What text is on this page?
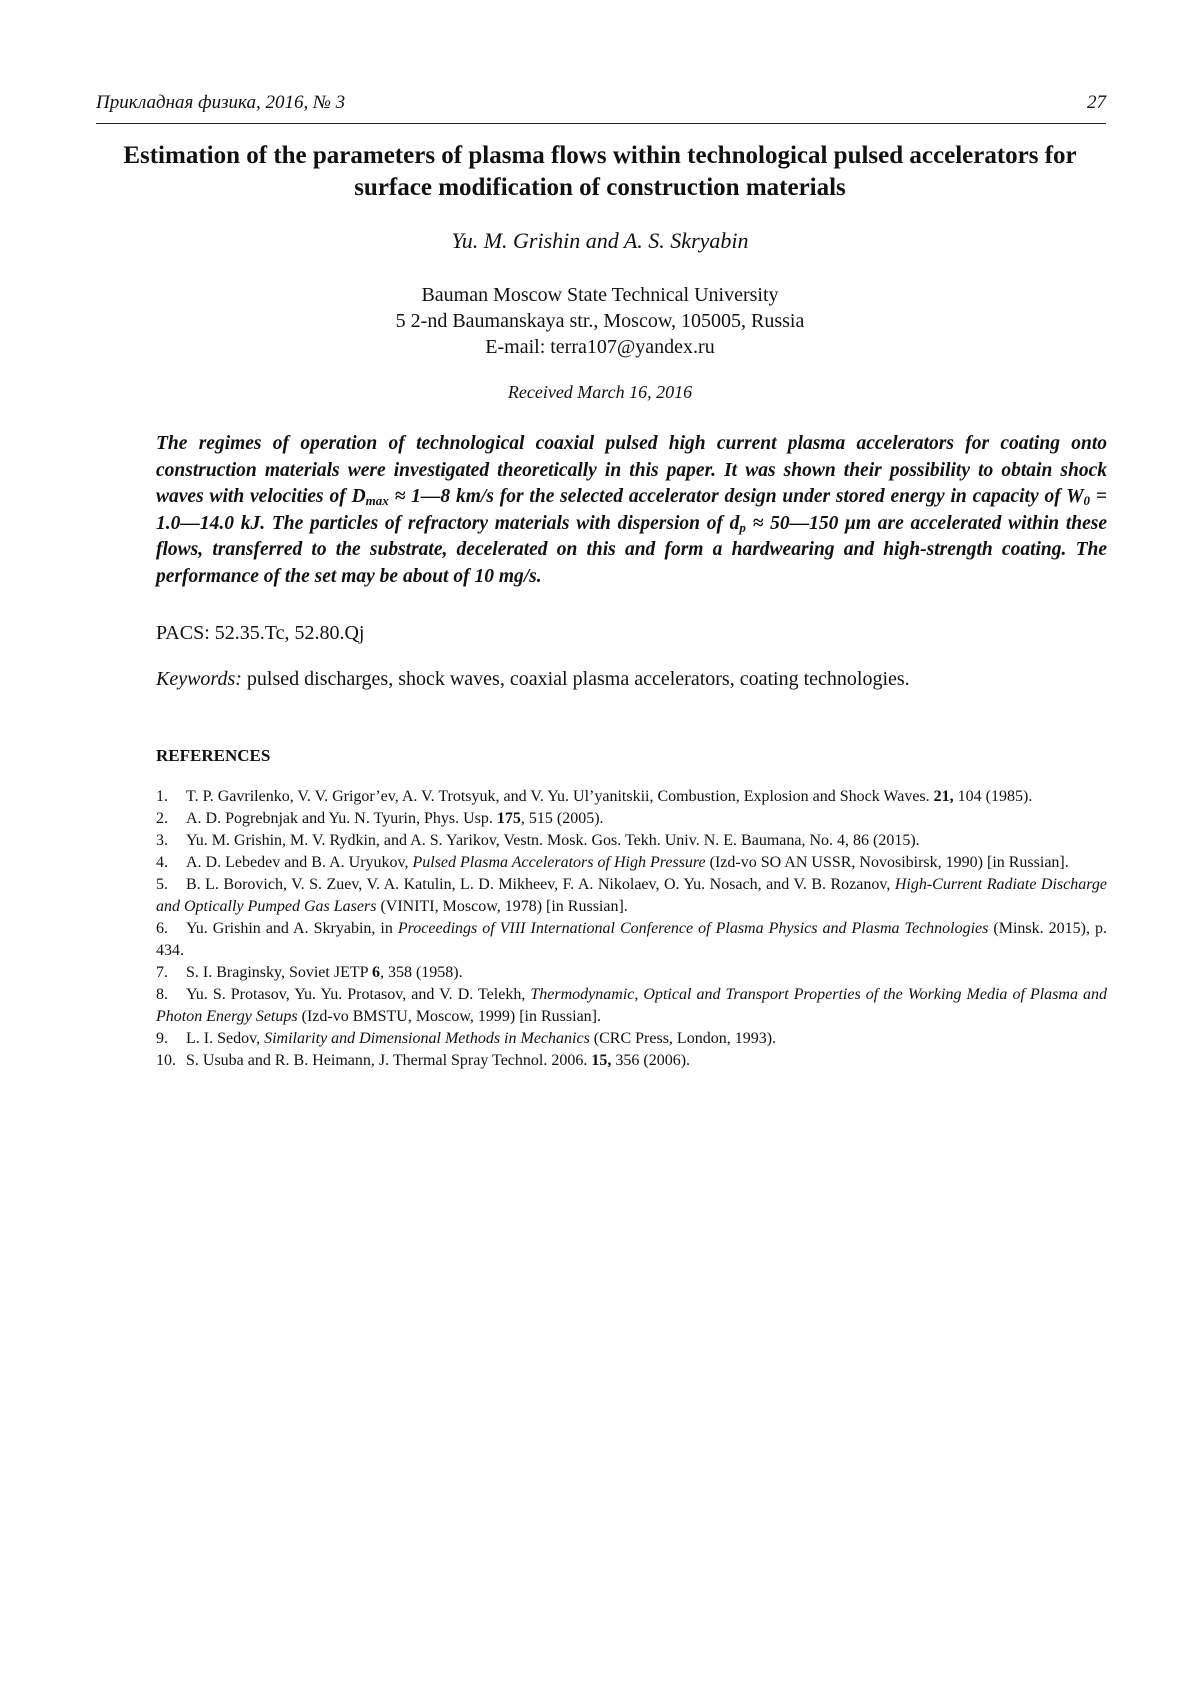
Прикладная физика, 2016, № 3	27
Estimation of the parameters of plasma flows within technological pulsed accelerators for surface modification of construction materials
Yu. M. Grishin and A. S. Skryabin
Bauman Moscow State Technical University
5 2-nd Baumanskaya str., Moscow, 105005, Russia
E-mail: terra107@yandex.ru
Received March 16, 2016
The regimes of operation of technological coaxial pulsed high current plasma accelerators for coating onto construction materials were investigated theoretically in this paper. It was shown their possibility to obtain shock waves with velocities of $D_{max}$ ≈ 1—8 km/s for the selected accelerator design under stored energy in capacity of $W_0$ = 1.0—14.0 kJ. The particles of refractory materials with dispersion of $d_p$ ≈ 50—150 μm are accelerated within these flows, transferred to the substrate, decelerated on this and form a hardwearing and high-strength coating. The performance of the set may be about of 10 mg/s.
PACS: 52.35.Tc, 52.80.Qj
Keywords: pulsed discharges, shock waves, coaxial plasma accelerators, coating technologies.
REFERENCES
1. T. P. Gavrilenko, V. V. Grigor’ev, A. V. Trotsyuk, and V. Yu. Ul’yanitskii, Combustion, Explosion and Shock Waves. 21, 104 (1985).
2. A. D. Pogrebnjak and Yu. N. Tyurin, Phys. Usp. 175, 515 (2005).
3. Yu. M. Grishin, M. V. Rydkin, and A. S. Yarikov, Vestn. Mosk. Gos. Tekh. Univ. N. E. Baumana, No. 4, 86 (2015).
4. A. D. Lebedev and B. A. Uryukov, Pulsed Plasma Accelerators of High Pressure (Izd-vo SO AN USSR, Novosibirsk, 1990) [in Russian].
5. B. L. Borovich, V. S. Zuev, V. A. Katulin, L. D. Mikheev, F. A. Nikolaev, O. Yu. Nosach, and V. B. Rozanov, High-Current Radiate Discharge and Optically Pumped Gas Lasers (VINITI, Moscow, 1978) [in Russian].
6. Yu. Grishin and A. Skryabin, in Proceedings of VIII International Conference of Plasma Physics and Plasma Technologies (Minsk. 2015), p. 434.
7. S. I. Braginsky, Soviet JETP 6, 358 (1958).
8. Yu. S. Protasov, Yu. Yu. Protasov, and V. D. Telekh, Thermodynamic, Optical and Transport Properties of the Working Media of Plasma and Photon Energy Setups (Izd-vo BMSTU, Moscow, 1999) [in Russian].
9. L. I. Sedov, Similarity and Dimensional Methods in Mechanics (CRC Press, London, 1993).
10. S. Usuba and R. B. Heimann, J. Thermal Spray Technol. 2006. 15, 356 (2006).
